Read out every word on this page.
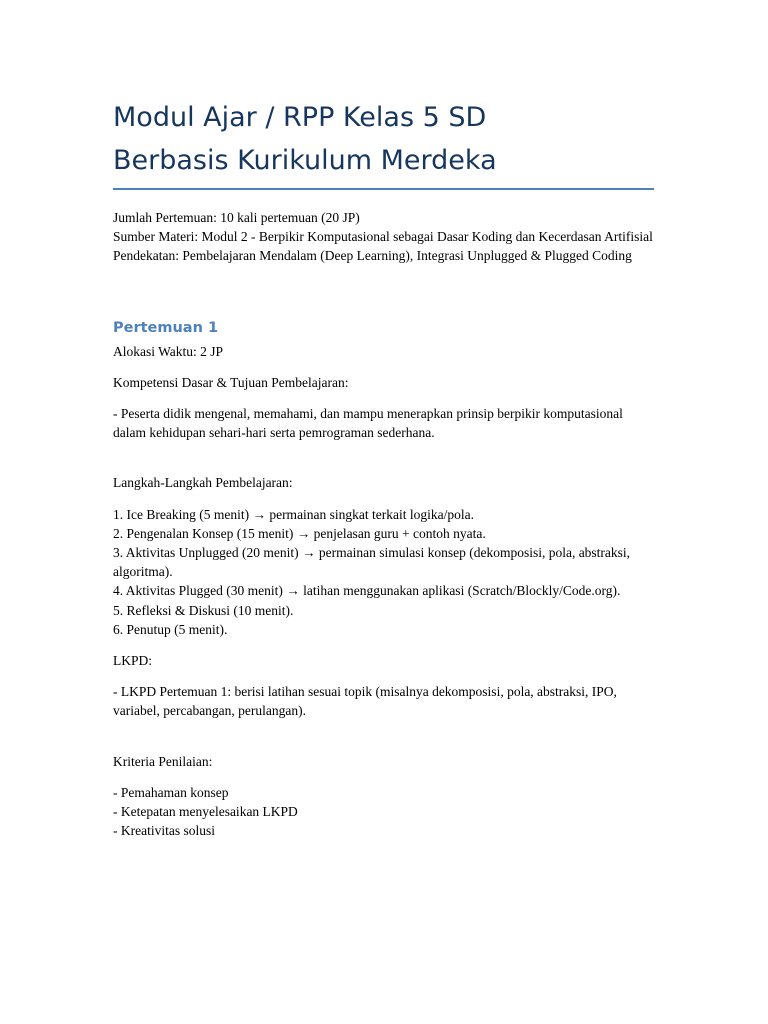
Modul Ajar / RPP Kelas 5 SD
Berbasis Kurikulum Merdeka

Jumlah Pertemuan: 10 kali pertemuan (20 JP)

Sumber Materi: Modul 2 - Berpikir Komputasional sebagai Dasar Koding dan Kecerdasan Artifisial

Pendekatan: Pembelajaran Mendalam (Deep Learning), Integrasi Unplugged & Plugged Coding

Pertemuan 1

Alokasi Waktu: 2 JP

Kompetensi Dasar & Tujuan Pembelajaran:

- Peserta didik mengenal, memahami, dan mampu menerapkan prinsip berpikir komputasional dalam kehidupan sehari-hari serta pemrograman sederhana.

Langkah-Langkah Pembelajaran:

1. Ice Breaking (5 menit) → permainan singkat terkait logika/pola.
2. Pengenalan Konsep (15 menit) → penjelasan guru + contoh nyata.
3. Aktivitas Unplugged (20 menit) → permainan simulasi konsep (dekomposisi, pola, abstraksi, algoritma).
4. Aktivitas Plugged (30 menit) → latihan menggunakan aplikasi (Scratch/Blockly/Code.org).
5. Refleksi & Diskusi (10 menit).
6. Penutup (5 menit).

LKPD:

- LKPD Pertemuan 1: berisi latihan sesuai topik (misalnya dekomposisi, pola, abstraksi, IPO, variabel, percabangan, perulangan).

Kriteria Penilaian:

- Pemahaman konsep
- Ketepatan menyelesaikan LKPD
- Kreativitas solusi
